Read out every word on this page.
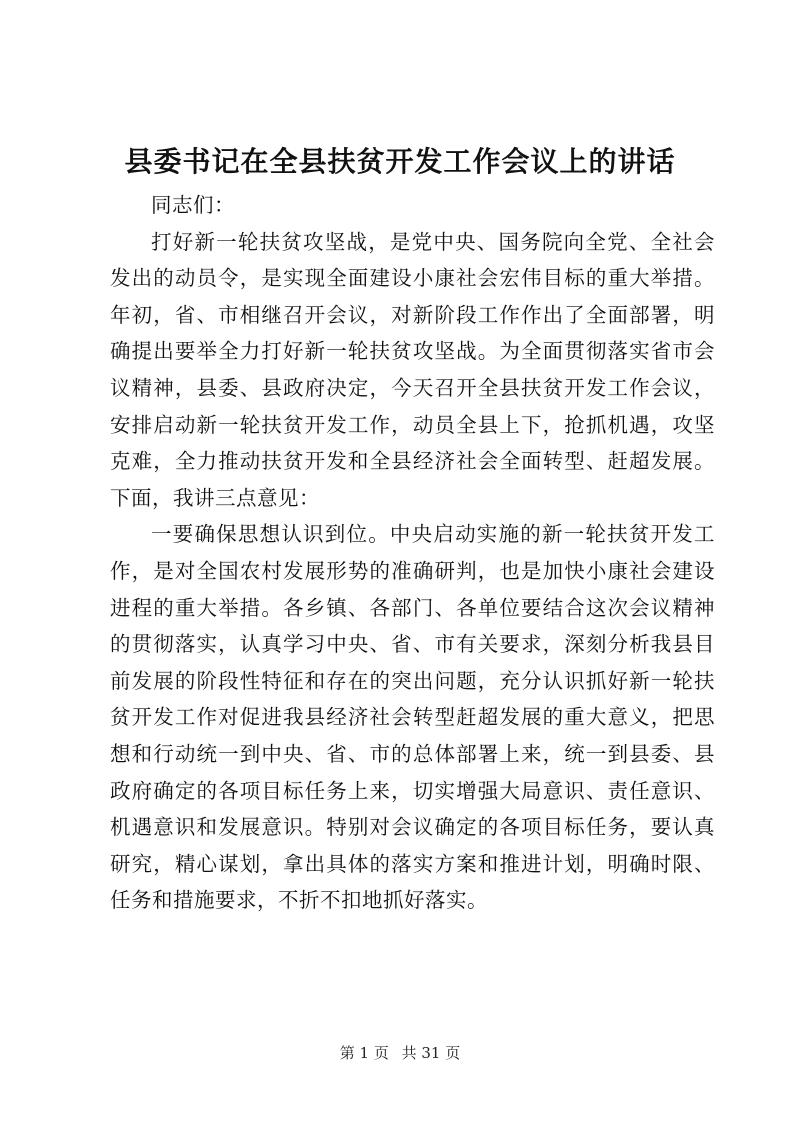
县委书记在全县扶贫开发工作会议上的讲话

同志们：

打好新一轮扶贫攻坚战，是党中央、国务院向全党、全社会发出的动员令，是实现全面建设小康社会宏伟目标的重大举措。年初，省、市相继召开会议，对新阶段工作作出了全面部署，明确提出要举全力打好新一轮扶贫攻坚战。为全面贯彻落实省市会议精神，县委、县政府决定，今天召开全县扶贫开发工作会议，安排启动新一轮扶贫开发工作，动员全县上下，抢抓机遇，攻坚克难，全力推动扶贫开发和全县经济社会全面转型、赶超发展。下面，我讲三点意见：

一要确保思想认识到位。中央启动实施的新一轮扶贫开发工作，是对全国农村发展形势的准确研判，也是加快小康社会建设进程的重大举措。各乡镇、各部门、各单位要结合这次会议精神的贯彻落实，认真学习中央、省、市有关要求，深刻分析我县目前发展的阶段性特征和存在的突出问题，充分认识抓好新一轮扶贫开发工作对促进我县经济社会转型赶超发展的重大意义，把思想和行动统一到中央、省、市的总体部署上来，统一到县委、县政府确定的各项目标任务上来，切实增强大局意识、责任意识、机遇意识和发展意识。特别对会议确定的各项目标任务，要认真研究，精心谋划，拿出具体的落实方案和推进计划，明确时限、任务和措施要求，不折不扣地抓好落实。

第 1 页 共 31 页
